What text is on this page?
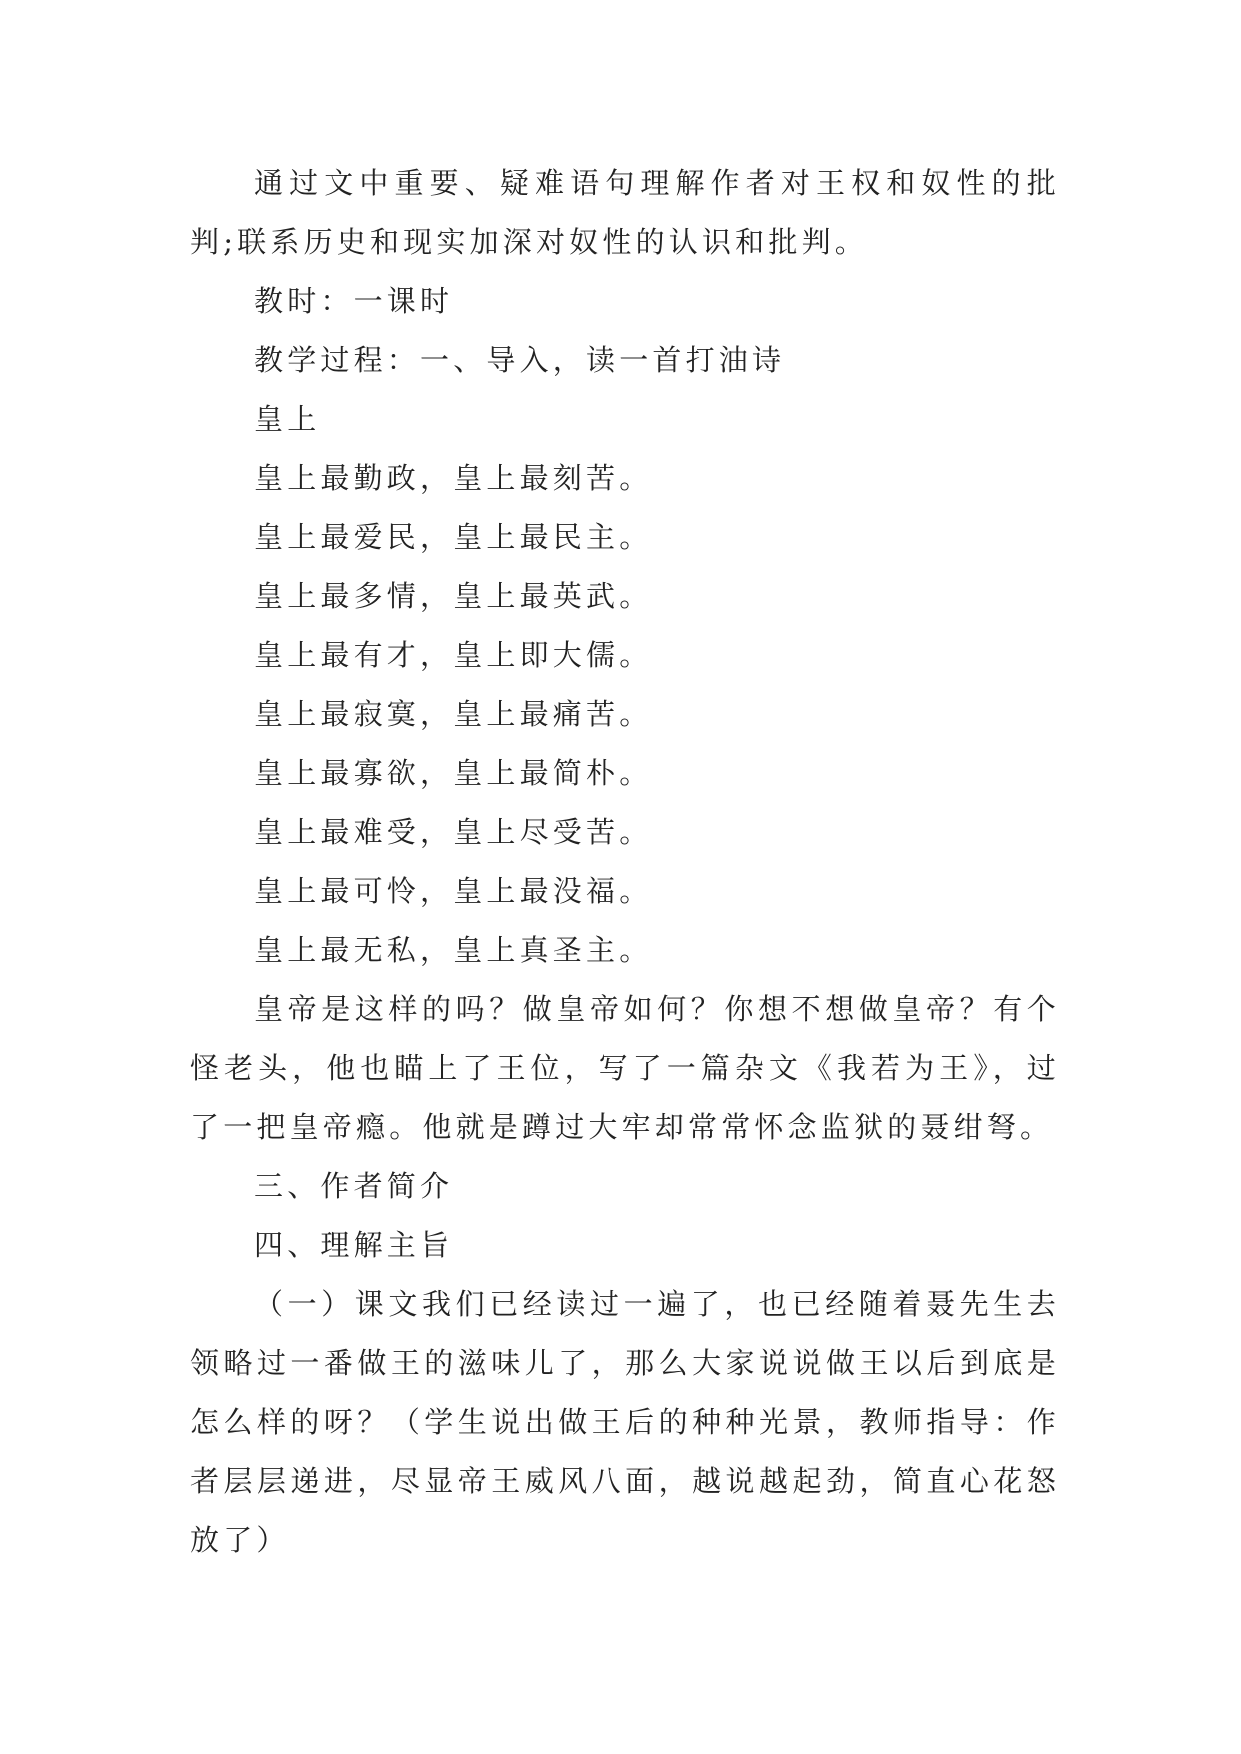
通过文中重要、疑难语句理解作者对王权和奴性的批判;联系历史和现实加深对奴性的认识和批判。

教时：一课时

教学过程：一、导入，读一首打油诗

皇上

皇上最勤政，皇上最刻苦。

皇上最爱民，皇上最民主。

皇上最多情，皇上最英武。

皇上最有才，皇上即大儒。

皇上最寂寞，皇上最痛苦。

皇上最寡欲，皇上最简朴。

皇上最难受，皇上尽受苦。

皇上最可怜，皇上最没福。

皇上最无私，皇上真圣主。

皇帝是这样的吗？做皇帝如何？你想不想做皇帝？有个怪老头，他也瞄上了王位，写了一篇杂文《我若为王》，过了一把皇帝瘾。他就是蹲过大牢却常常怀念监狱的聂绀弩。

三、作者简介

四、理解主旨

（一）课文我们已经读过一遍了，也已经随着聂先生去领略过一番做王的滋味儿了，那么大家说说做王以后到底是怎么样的呀？（学生说出做王后的种种光景，教师指导：作者层层递进，尽显帝王威风八面，越说越起劲，简直心花怒放了）
